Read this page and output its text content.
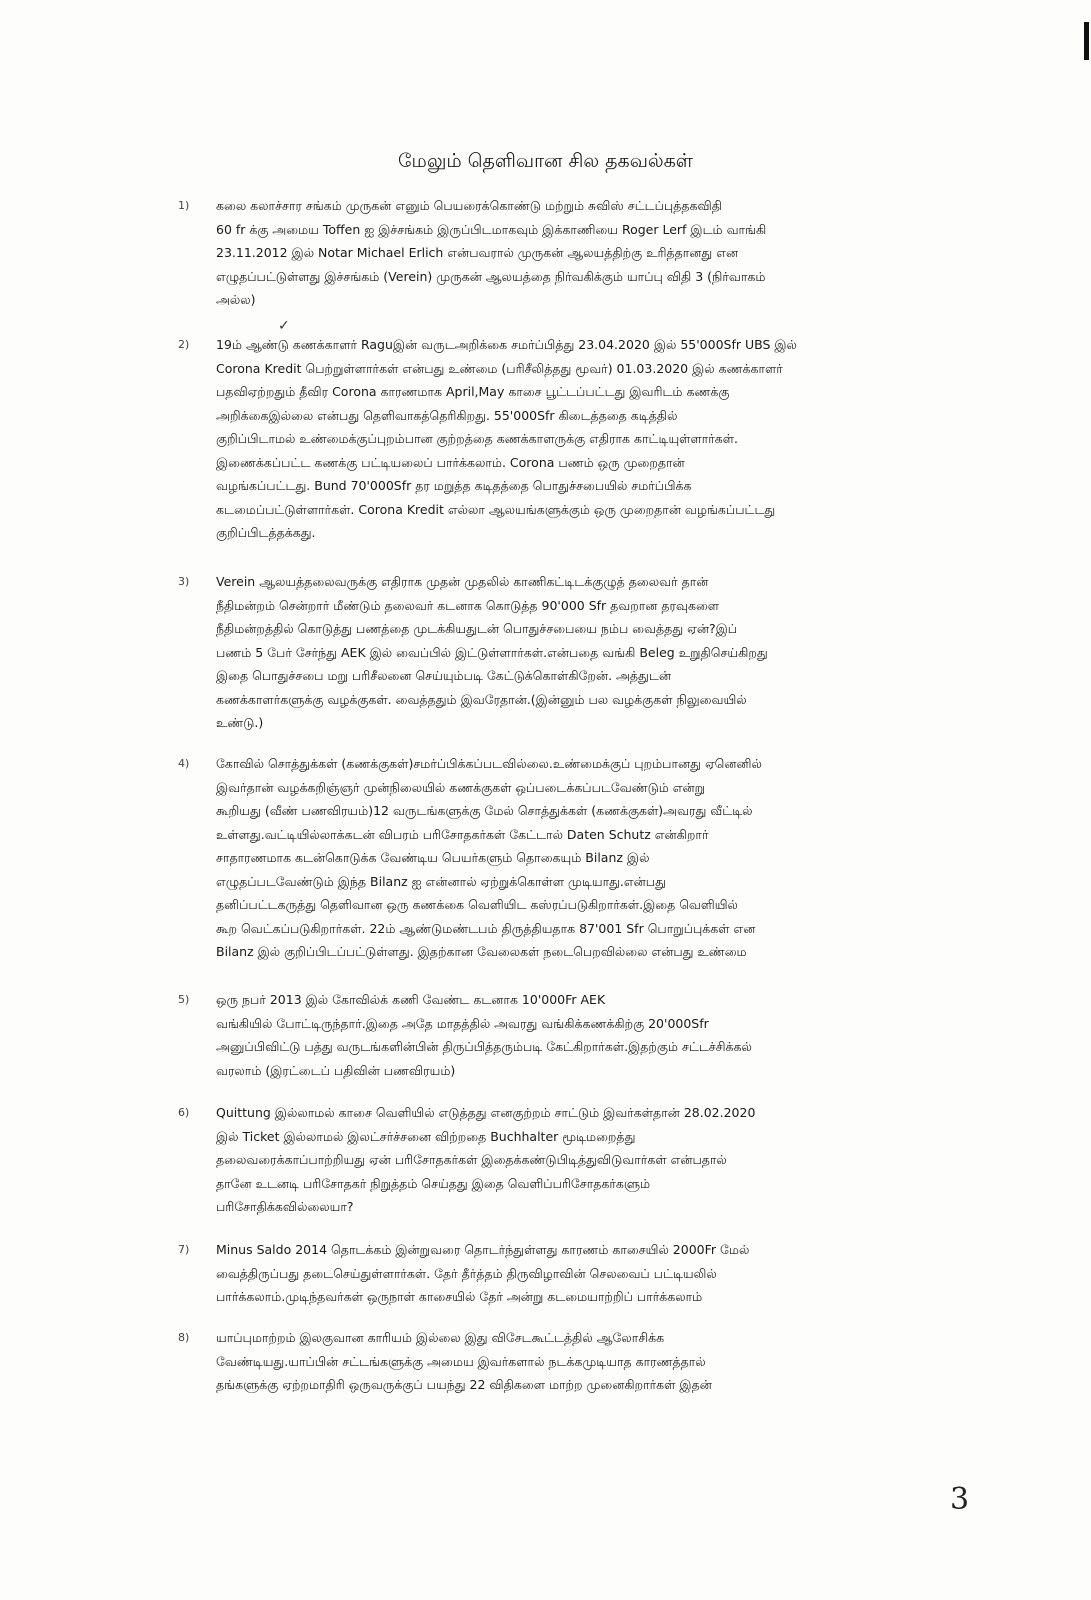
மேலும் தெளிவான சில தகவல்கள்
✓
1)	கலை கலாச்சார சங்கம் முருகன் எனும் பெயரைக்கொண்டு மற்றும் சுவிஸ் சட்டப்புத்தகவிதி
60 fr க்கு அமைய Toffen ஐ இச்சங்கம் இருப்பிடமாகவும் இக்காணியை Roger Lerf இடம் வாங்கி
23.11.2012 இல் Notar Michael Erlich என்பவரால் முருகன் ஆலயத்திற்கு உரித்தானது என
எழுதப்பட்டுள்ளது இச்சங்கம் (Verein) முருகன் ஆலயத்தை நிர்வகிக்கும் யாப்பு விதி 3 (நிர்வாகம்
அல்ல)
2)	19ம் ஆண்டு கணக்காளர் Raguஇன் வருடஅறிக்கை சமர்ப்பித்து 23.04.2020 இல் 55'000Sfr UBS இல்
Corona Kredit பெற்றுள்ளார்கள் என்பது உண்மை (பரிசீலித்தது மூவர்) 01.03.2020 இல் கணக்காளர்
பதவிஏற்றதும் தீவிர Corona காரணமாக April,May காசை பூட்டப்பட்டது இவரிடம் கணக்கு
அறிக்கைஇல்லை என்பது தெளிவாகத்தெரிகிறது. 55'000Sfr கிடைத்ததை கடித்தில்
குறிப்பிடாமல் உண்மைக்குப்புறம்பான குற்றத்தை கணக்காளருக்கு எதிராக காட்டியுள்ளார்கள்.
இணைக்கப்பட்ட கணக்கு பட்டியலைப் பார்க்கலாம். Corona பணம் ஒரு முறைதான்
வழங்கப்பட்டது. Bund 70'000Sfr தர மறுத்த கடிதத்தை பொதுச்சபையில் சமர்ப்பிக்க
கடமைப்பட்டுள்ளார்கள். Corona Kredit எல்லா ஆலயங்களுக்கும் ஒரு முறைதான் வழங்கப்பட்டது
குறிப்பிடத்தக்கது.
3)	Verein ஆலயத்தலைவருக்கு எதிராக முதன் முதலில் காணிகட்டிடக்குழுத் தலைவர் தான்
நீதிமன்றம் சென்றார் மீண்டும் தலைவர் கடனாக கொடுத்த 90'000 Sfr தவறான தரவுகளை
நீதிமன்றத்தில் கொடுத்து பணத்தை முடக்கியதுடன் பொதுச்சபையை நம்ப வைத்தது ஏன்?இப்
பணம் 5 பேர் சேர்ந்து AEK இல் வைப்பில் இட்டுள்ளார்கள்.என்பதை வங்கி Beleg உறுதிசெய்கிறது
இதை பொதுச்சபை மறு பரிசீலனை செய்யும்படி கேட்டுக்கொள்கிறேன். அத்துடன்
கணக்காளர்களுக்கு வழக்குகள். வைத்ததும் இவரேதான்.(இன்னும் பல வழக்குகள் நிலுவையில்
உண்டு.)
4)	கோவில் சொத்துக்கள் (கணக்குகள்)சமர்ப்பிக்கப்படவில்லை.உண்மைக்குப் புறம்பானது ஏனெனில்
இவர்தான் வழக்கறிஞ்ஞர் முன்நிலையில் கணக்குகள் ஒப்படைக்கப்படவேண்டும் என்று
கூறியது (வீண் பணவிரயம்)12 வருடங்களுக்கு மேல் சொத்துக்கள் (கணக்குகள்)அவரது வீட்டில்
உள்ளது.வட்டியில்லாக்கடன் விபரம் பரிசோதகர்கள் கேட்டால் Daten Schutz என்கிறார்
சாதாரணமாக கடன்கொடுக்க வேண்டிய பெயர்களும் தொகையும் Bilanz இல்
எழுதப்படவேண்டும் இந்த Bilanz ஐ என்னால் ஏற்றுக்கொள்ள முடியாது.என்பது
தனிப்பட்டகருத்து தெளிவான ஒரு கணக்கை வெளியிட கஸ்ரப்படுகிறார்கள்.இதை வெளியில்
கூற வெட்கப்படுகிறார்கள். 22ம் ஆண்டுமண்டபம் திருத்தியதாக 87'001 Sfr பொறுப்புக்கள் என
Bilanz இல் குறிப்பிடப்பட்டுள்ளது. இதற்கான வேலைகள் நடைபெறவில்லை என்பது உண்மை
5)	ஒரு நபர் 2013 இல் கோவில்க் கணி வேண்ட கடனாக 10'000Fr AEK
வங்கியில் போட்டிருந்தார்.இதை அதே மாதத்தில் அவரது வங்கிக்கணக்கிற்கு 20'000Sfr
அனுப்பிவிட்டு பத்து வருடங்களின்பின் திருப்பித்தரும்படி கேட்கிறார்கள்.இதற்கும் சட்டச்சிக்கல்
வரலாம் (இரட்டைப் பதிவின் பணவிரயம்)
6)	Quittung இல்லாமல் காசை வெளியில் எடுத்தது எனகுற்றம் சாட்டும் இவர்கள்தான் 28.02.2020
இல் Ticket இல்லாமல் இலட்சர்ச்சனை விற்றதை Buchhalter மூடிமறைத்து
தலைவரைக்காப்பாற்றியது ஏன் பரிசோதகர்கள் இதைக்கண்டுபிடித்துவிடுவார்கள் என்பதால்
தானே உடனடி பரிசோதகர் நிறுத்தம் செய்தது இதை வெளிப்பரிசோதகர்களும்
பரிசோதிக்கவில்லையா?
7)	Minus Saldo 2014 தொடக்கம் இன்றுவரை தொடர்ந்துள்ளது காரணம் காசையில் 2000Fr மேல்
வைத்திருப்பது தடைசெய்துள்ளார்கள். தேர் தீர்த்தம் திருவிழாவின் செலவைப் பட்டியலில்
பார்க்கலாம்.முடிந்தவர்கள் ஒருநாள் காசையில் தேர் அன்று கடமையாற்றிப் பார்க்கலாம்
8)	யாப்புமாற்றம் இலகுவான காரியம் இல்லை இது விசேடகூட்டத்தில் ஆலோசிக்க
வேண்டியது.யாப்பின் சட்டங்களுக்கு அமைய இவர்களால் நடக்கமுடியாத காரணத்தால்
தங்களுக்கு ஏற்றமாதிரி ஒருவருக்குப் பயந்து 22 விதிகளை மாற்ற முனைகிறார்கள் இதன்
3
